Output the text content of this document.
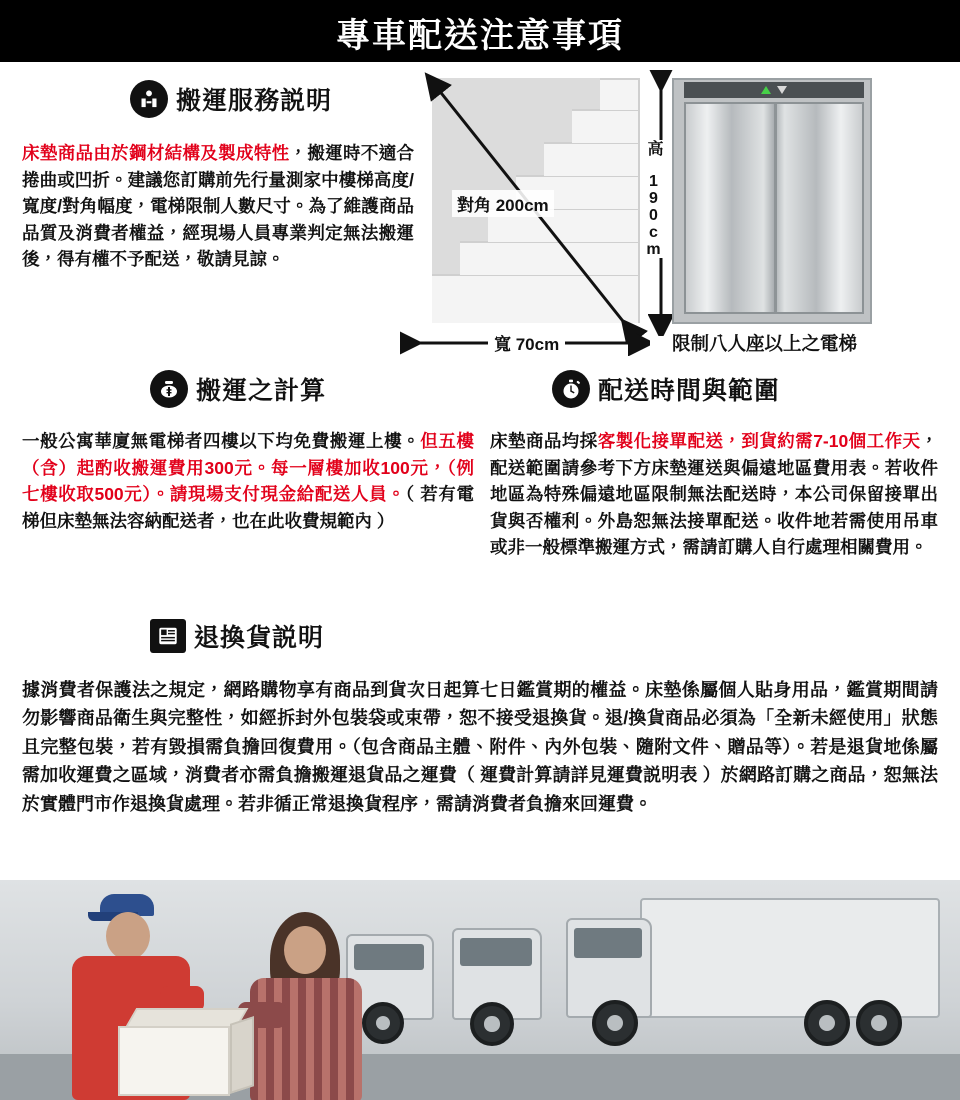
專車配送注意事項
搬運服務説明
床墊商品由於鋼材結構及製成特性，搬運時不適合捲曲或凹折。建議您訂購前先行量測家中樓梯高度/寬度/對角幅度，電梯限制人數尺寸。為了維護商品品質及消費者權益，經現場人員專業判定無法搬運後，得有權不予配送，敬請見諒。
對角 200cm
寬 70cm
高 190cm
限制八人座以上之電梯
搬運之計算
一般公寓華廈無電梯者四樓以下均免費搬運上樓。但五樓（含）起酌收搬運費用300元。每一層樓加收100元，（例七樓收取500元）。請現場支付現金給配送人員。（ 若有電梯但床墊無法容納配送者，也在此收費規範內 ）
配送時間與範圍
床墊商品均採客製化接單配送，到貨約需7-10個工作天，配送範圍請參考下方床墊運送與偏遠地區費用表。若收件地區為特殊偏遠地區限制無法配送時，本公司保留接單出貨與否權利。外島恕無法接單配送。收件地若需使用吊車或非一般標準搬運方式，需請訂購人自行處理相關費用。
退換貨説明
據消費者保護法之規定，網路購物享有商品到貨次日起算七日鑑賞期的權益。床墊係屬個人貼身用品，鑑賞期間請勿影響商品衛生與完整性，如經拆封外包裝袋或束帶，恕不接受退換貨。退/換貨商品必須為「全新未經使用」狀態且完整包裝，若有毀損需負擔回復費用。（包含商品主體、附件、內外包裝、隨附文件、贈品等）。若是退貨地係屬需加收運費之區域，消費者亦需負擔搬運退貨品之運費（ 運費計算請詳見運費説明表 ）於網路訂購之商品，恕無法於實體門市作退換貨處理。若非循正常退換貨程序，需請消費者負擔來回運費。
